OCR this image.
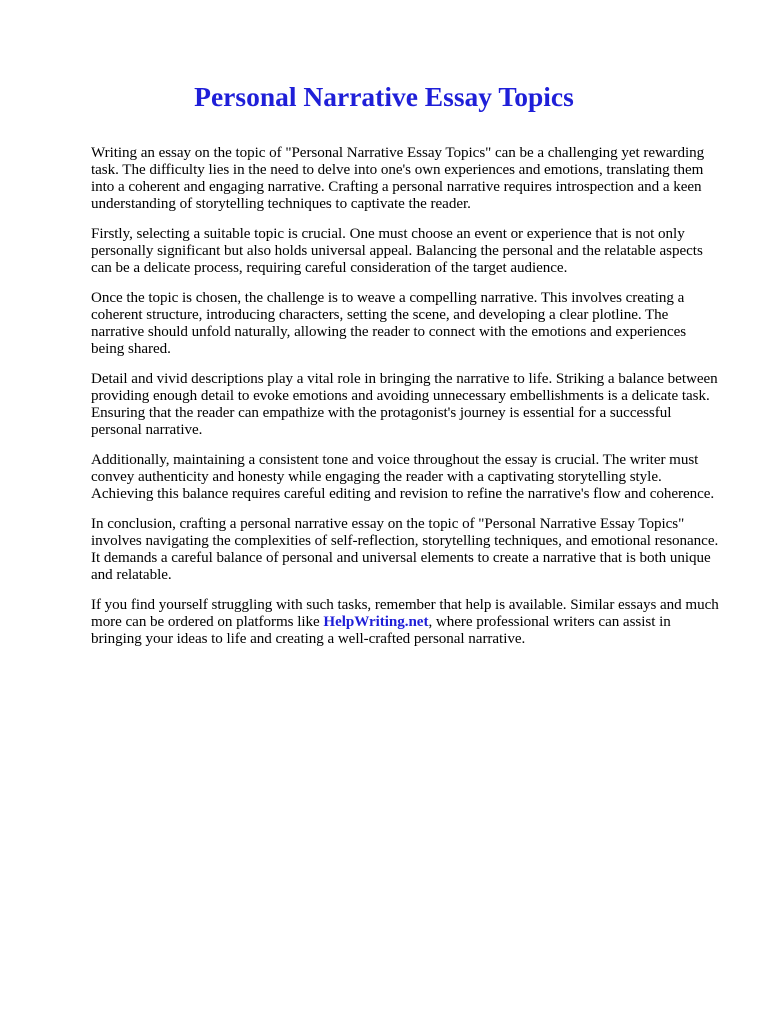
Personal Narrative Essay Topics

Writing an essay on the topic of "Personal Narrative Essay Topics" can be a challenging yet rewarding task. The difficulty lies in the need to delve into one's own experiences and emotions, translating them into a coherent and engaging narrative. Crafting a personal narrative requires introspection and a keen understanding of storytelling techniques to captivate the reader.

Firstly, selecting a suitable topic is crucial. One must choose an event or experience that is not only personally significant but also holds universal appeal. Balancing the personal and the relatable aspects can be a delicate process, requiring careful consideration of the target audience.

Once the topic is chosen, the challenge is to weave a compelling narrative. This involves creating a coherent structure, introducing characters, setting the scene, and developing a clear plotline. The narrative should unfold naturally, allowing the reader to connect with the emotions and experiences being shared.

Detail and vivid descriptions play a vital role in bringing the narrative to life. Striking a balance between providing enough detail to evoke emotions and avoiding unnecessary embellishments is a delicate task. Ensuring that the reader can empathize with the protagonist's journey is essential for a successful personal narrative.

Additionally, maintaining a consistent tone and voice throughout the essay is crucial. The writer must convey authenticity and honesty while engaging the reader with a captivating storytelling style. Achieving this balance requires careful editing and revision to refine the narrative's flow and coherence.

In conclusion, crafting a personal narrative essay on the topic of "Personal Narrative Essay Topics" involves navigating the complexities of self-reflection, storytelling techniques, and emotional resonance. It demands a careful balance of personal and universal elements to create a narrative that is both unique and relatable.

If you find yourself struggling with such tasks, remember that help is available. Similar essays and much more can be ordered on platforms like HelpWriting.net, where professional writers can assist in bringing your ideas to life and creating a well-crafted personal narrative.
